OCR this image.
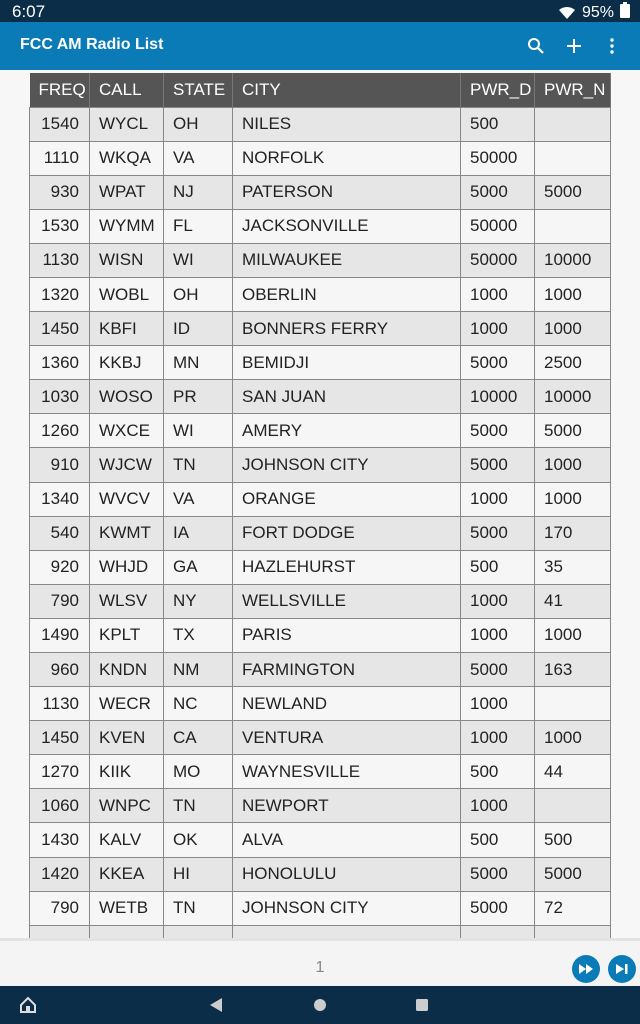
6:07	95%
FCC AM Radio List
FREQ	CALL	STATE	CITY	PWR_D	PWR_N
1540	WYCL	OH	NILES	500	
1110	WKQA	VA	NORFOLK	50000	
930	WPAT	NJ	PATERSON	5000	5000
1530	WYMM	FL	JACKSONVILLE	50000	
1130	WISN	WI	MILWAUKEE	50000	10000
1320	WOBL	OH	OBERLIN	1000	1000
1450	KBFI	ID	BONNERS FERRY	1000	1000
1360	KKBJ	MN	BEMIDJI	5000	2500
1030	WOSO	PR	SAN JUAN	10000	10000
1260	WXCE	WI	AMERY	5000	5000
910	WJCW	TN	JOHNSON CITY	5000	1000
1340	WVCV	VA	ORANGE	1000	1000
540	KWMT	IA	FORT DODGE	5000	170
920	WHJD	GA	HAZLEHURST	500	35
790	WLSV	NY	WELLSVILLE	1000	41
1490	KPLT	TX	PARIS	1000	1000
960	KNDN	NM	FARMINGTON	5000	163
1130	WECR	NC	NEWLAND	1000	
1450	KVEN	CA	VENTURA	1000	1000
1270	KIIK	MO	WAYNESVILLE	500	44
1060	WNPC	TN	NEWPORT	1000	
1430	KALV	OK	ALVA	500	500
1420	KKEA	HI	HONOLULU	5000	5000
790	WETB	TN	JOHNSON CITY	5000	72

1
